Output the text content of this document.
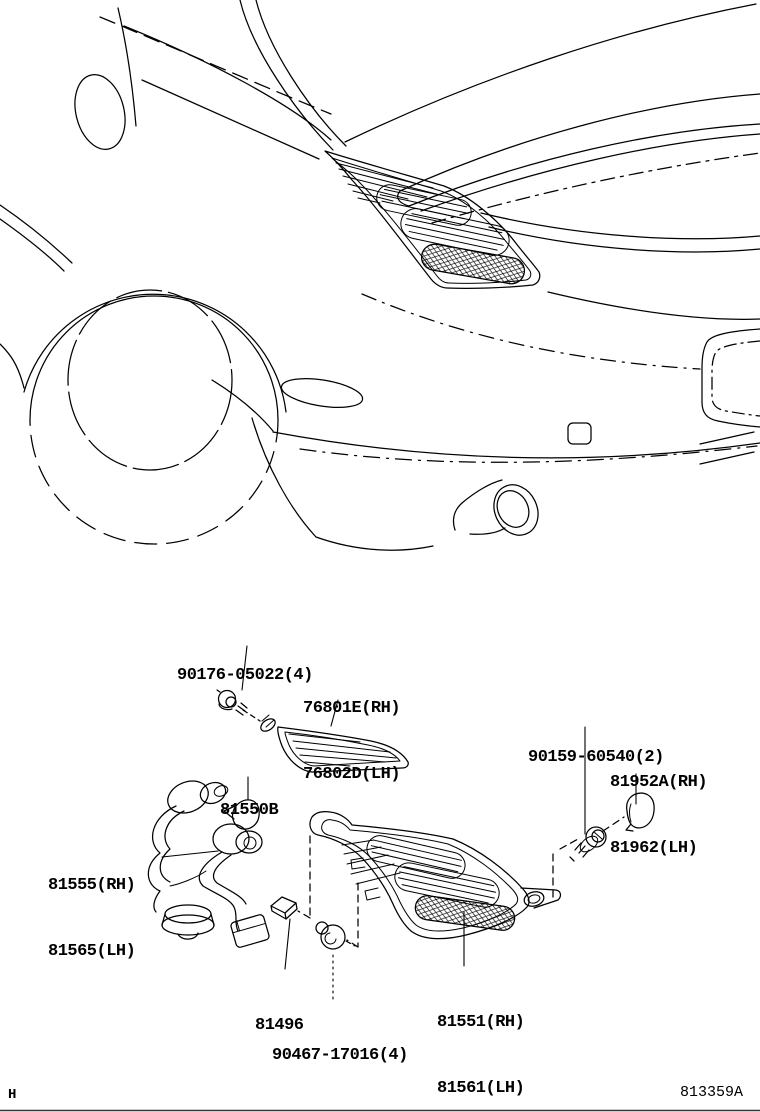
90176-05022(4)

76801E(RH)

76802D(LH)

81550B

90159-60540(2)

81952A(RH)

81962(LH)

81555(RH)

81565(LH)

81496

90467-17016(4)

81551(RH)

81561(LH)

H	813359A
